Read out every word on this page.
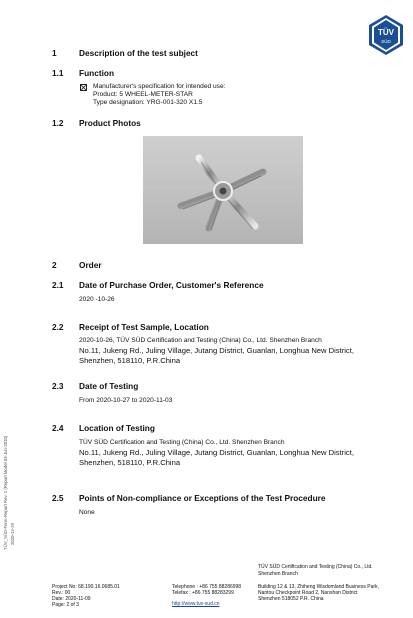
TÜV
SÜD
TÜV_SÜD-Form-Report Rev. 1 (Report Model 03-Jun-2010) 2020-12-29
1	Description of the test subject
1.1 Function
Manufacturer's specification for intended use:
Product: 5 WHEEL-METER-STAR
Type designation: YRG-001-320 X1.5
1.2 Product Photos
2	Order
2.1 Date of Purchase Order, Customer's Reference
2020 -10-26
2.2 Receipt of Test Sample, Location
2020-10-26, TÜV SÜD Certification and Testing (China) Co., Ltd. Shenzhen Branch
No.11, Jukeng Rd., Juling Village, Jutang District, Guanlan, Longhua New District,
Shenzhen, 518110, P.R.China
2.3 Date of Testing
From 2020-10-27 to 2020-11-03
2.4 Location of Testing
TÜV SÜD Certification and Testing (China) Co., Ltd. Shenzhen Branch
No.11, Jukeng Rd., Juling Village, Jutang District, Guanlan, Longhua New District,
Shenzhen, 518110, P.R.China
2.5 Points of Non-compliance or Exceptions of the Test Procedure
None
TÜV SÜD Certification and Testing (China) Co., Ltd.
Shenzhen Branch
Project No: 68.190.16.0685.01
Rev.: 00
Date: 2020-11-09
Page: 2 of 3
Telephone : +86 755 88286998
Telefax : +86 755 88283299
http://www.tuv-sud.cn
Building 12 & 13, Zhiheng Wisdomland Business Park,
Nantou Checkpoint Road 2, Nanshan District
Shenzhen 518052 P.R. China
